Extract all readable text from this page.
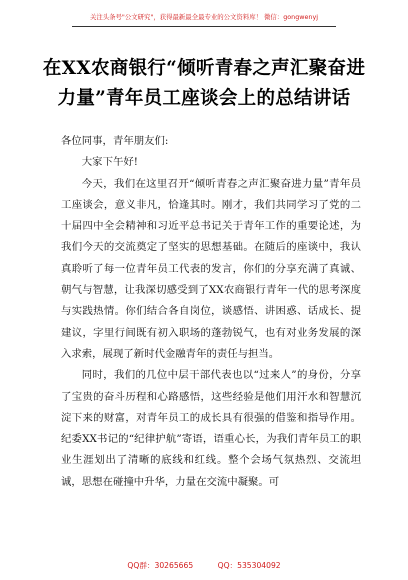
关注头条号"公文研究"，获得最新最全最专业的公文资料库！ 微信：gongwenyj
在XX农商银行“倾听青春之声汇聚奋进力量”青年员工座谈会上的总结讲话

各位同事，青年朋友们:

大家下午好!

今天，我们在这里召开“倾听青春之声汇聚奋进力量”青年员工座谈会，意义非凡，恰逢其时。刚才，我们共同学习了党的二十届四中全会精神和习近平总书记关于青年工作的重要论述，为我们今天的交流奠定了坚实的思想基础。在随后的座谈中，我认真聆听了每一位青年员工代表的发言，你们的分享充满了真诚、朝气与智慧，让我深切感受到了XX农商银行青年一代的思考深度与实践热情。你们结合各自岗位，谈感悟、讲困惑、话成长、提建议，字里行间既有初入职场的蓬勃锐气，也有对业务发展的深入求索，展现了新时代金融青年的责任与担当。

同时，我们的几位中层干部代表也以“过来人”的身份，分享了宝贵的奋斗历程和心路感悟，这些经验是他们用汗水和智慧沉淀下来的财富，对青年员工的成长具有很强的借鉴和指导作用。纪委XX书记的“纪律护航”寄语，语重心长，为我们青年员工的职业生涯划出了清晰的底线和红线。整个会场气氛热烈、交流坦诚，思想在碰撞中升华，力量在交流中凝聚。可

QQ群：30265665	QQ：535304092
